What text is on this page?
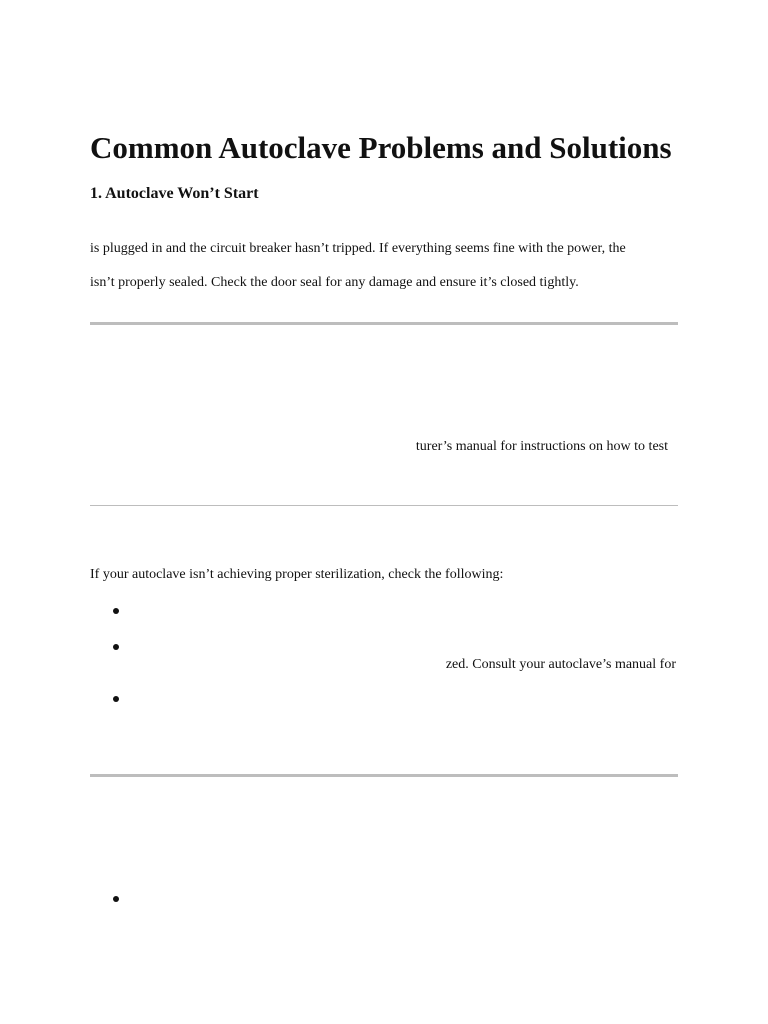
Common Autoclave Problems and Solutions
1. Autoclave Won’t Start

is plugged in and the circuit breaker hasn’t tripped. If everything seems fine with the power, the

isn’t properly sealed. Check the door seal for any damage and ensure it’s closed tightly.

turer’s manual for instructions on how to test

If your autoclave isn’t achieving proper sterilization, check the following:

zed. Consult your autoclave’s manual for
